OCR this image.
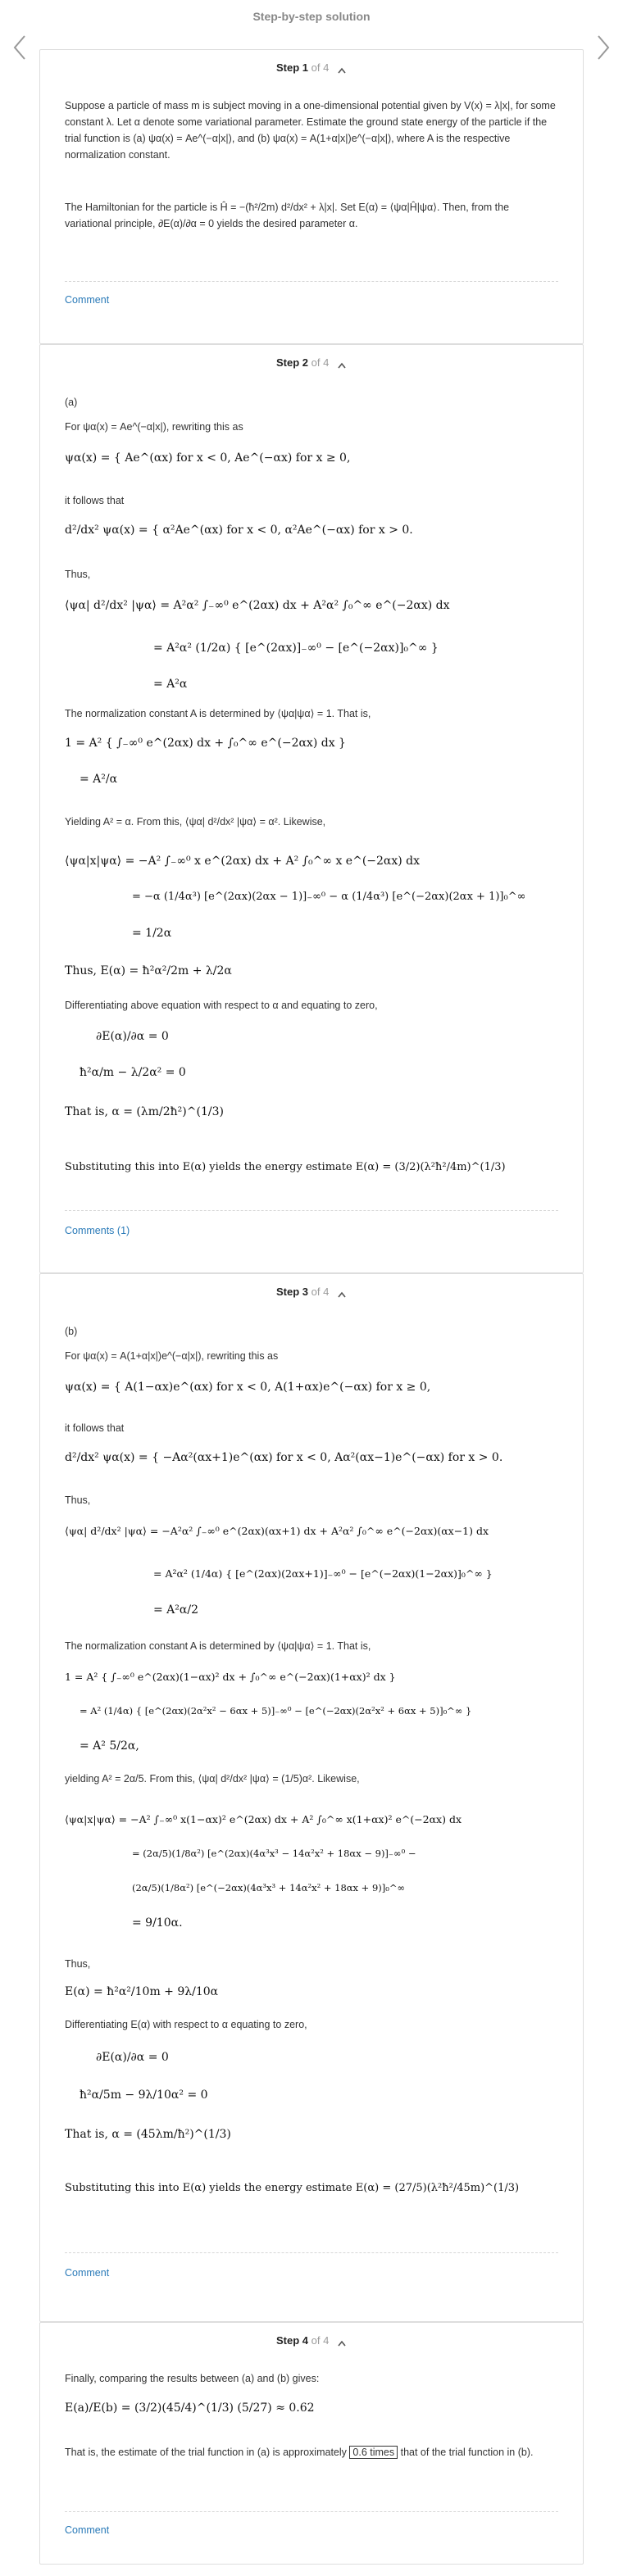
Step-by-step solution
Step 1 of 4
Suppose a particle of mass m is subject moving in a one-dimensional potential given by V(x) = λ|x|, for some constant λ. Let α denote some variational parameter. Estimate the ground state energy of the particle if the trial function is (a) ψα(x) = Ae^(−α|x|), and (b) ψα(x) = A(1+α|x|)e^(−α|x|), where A is the respective normalization constant.
The Hamiltonian for the particle is Ĥ = −(ħ²/2m) d²/dx² + λ|x|. Set E(α) = ⟨ψα|Ĥ|ψα⟩. Then, from the variational principle, ∂E(α)/∂α = 0 yields the desired parameter α.
Comment
Step 2 of 4
(a)
For ψα(x) = Ae^(−α|x|), rewriting this as
ψα(x) = { Ae^(αx) for x < 0, Ae^(−αx) for x ≥ 0,
it follows that
d²/dx² ψα(x) = { α²Ae^(αx) for x < 0, α²Ae^(−αx) for x > 0.
Thus,
⟨ψα| d²/dx² |ψα⟩ = A²α² ∫₋∞⁰ e^(2αx) dx + A²α² ∫₀^∞ e^(−2αx) dx
= A²α² (1/2α) { [e^(2αx)]₋∞⁰ − [e^(−2αx)]₀^∞ }
= A²α
The normalization constant A is determined by ⟨ψα|ψα⟩ = 1. That is,
1 = A² { ∫₋∞⁰ e^(2αx) dx + ∫₀^∞ e^(−2αx) dx }
= A²/α
Yielding A² = α. From this, ⟨ψα| d²/dx² |ψα⟩ = α². Likewise,
⟨ψα|x|ψα⟩ = −A² ∫₋∞⁰ x e^(2αx) dx + A² ∫₀^∞ x e^(−2αx) dx
= −α (1/4α³) [e^(2αx)(2αx − 1)]₋∞⁰ − α (1/4α³) [e^(−2αx)(2αx + 1)]₀^∞
= 1/2α
Thus, E(α) = ħ²α²/2m + λ/2α
Differentiating above equation with respect to α and equating to zero,
∂E(α)/∂α = 0
ħ²α/m − λ/2α² = 0
That is, α = (λm/2ħ²)^(1/3)
Substituting this into E(α) yields the energy estimate E(α) = (3/2)(λ²ħ²/4m)^(1/3)
Comments (1)
Step 3 of 4
(b)
For ψα(x) = A(1+α|x|)e^(−α|x|), rewriting this as
ψα(x) = { A(1−αx)e^(αx) for x < 0, A(1+αx)e^(−αx) for x ≥ 0,
it follows that
d²/dx² ψα(x) = { −Aα²(αx+1)e^(αx) for x < 0, Aα²(αx−1)e^(−αx) for x > 0.
Thus,
⟨ψα| d²/dx² |ψα⟩ = −A²α² ∫₋∞⁰ e^(2αx)(αx+1) dx + A²α² ∫₀^∞ e^(−2αx)(αx−1) dx
= A²α² (1/4α) { [e^(2αx)(2αx+1)]₋∞⁰ − [e^(−2αx)(1−2αx)]₀^∞ }
= A²α/2
The normalization constant A is determined by ⟨ψα|ψα⟩ = 1. That is,
1 = A² { ∫₋∞⁰ e^(2αx)(1−αx)² dx + ∫₀^∞ e^(−2αx)(1+αx)² dx }
= A² (1/4α) { [e^(2αx)(2α²x² − 6αx + 5)]₋∞⁰ − [e^(−2αx)(2α²x² + 6αx + 5)]₀^∞ }
= A² 5/2α,
yielding A² = 2α/5. From this, ⟨ψα| d²/dx² |ψα⟩ = (1/5)α². Likewise,
⟨ψα|x|ψα⟩ = −A² ∫₋∞⁰ x(1−αx)² e^(2αx) dx + A² ∫₀^∞ x(1+αx)² e^(−2αx) dx
= (2α/5)(1/8α²) [e^(2αx)(4α³x³ − 14α²x² + 18αx − 9)]₋∞⁰ −
(2α/5)(1/8α²) [e^(−2αx)(4α³x³ + 14α²x² + 18αx + 9)]₀^∞
= 9/10α.
Thus,
E(α) = ħ²α²/10m + 9λ/10α
Differentiating E(α) with respect to α equating to zero,
∂E(α)/∂α = 0
ħ²α/5m − 9λ/10α² = 0
That is, α = (45λm/ħ²)^(1/3)
Substituting this into E(α) yields the energy estimate E(α) = (27/5)(λ²ħ²/45m)^(1/3)
Comment
Step 4 of 4
Finally, comparing the results between (a) and (b) gives:
E(a)/E(b) = (3/2)(45/4)^(1/3) (5/27) ≈ 0.62
That is, the estimate of the trial function in (a) is approximately 0.6 times that of the trial function in (b).
Comment
